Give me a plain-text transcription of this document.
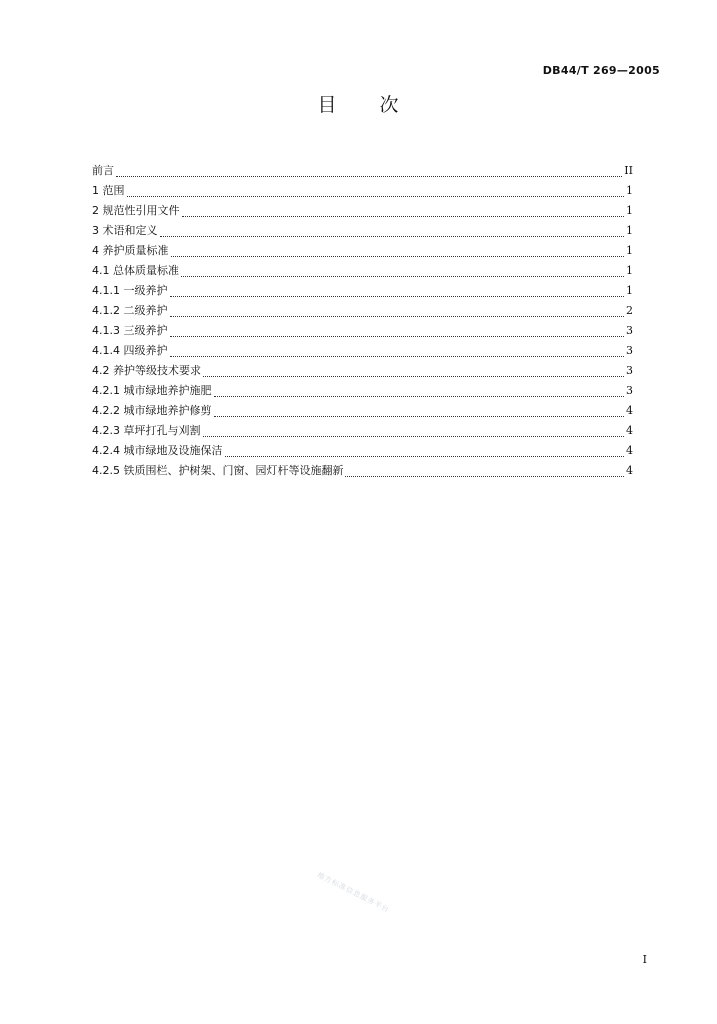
DB44/T 269—2005
目 次
前言	II
1 范围	1
2 规范性引用文件	1
3 术语和定义	1
4 养护质量标准	1
4.1 总体质量标准	1
4.1.1 一级养护	1
4.1.2 二级养护	2
4.1.3 三级养护	3
4.1.4 四级养护	3
4.2 养护等级技术要求	3
4.2.1 城市绿地养护施肥	3
4.2.2 城市绿地养护修剪	4
4.2.3 草坪打孔与刈割	4
4.2.4 城市绿地及设施保洁	4
4.2.5 铁质围栏、护树架、门窗、园灯杆等设施翻新	4
地方标准信息服务平台
I
